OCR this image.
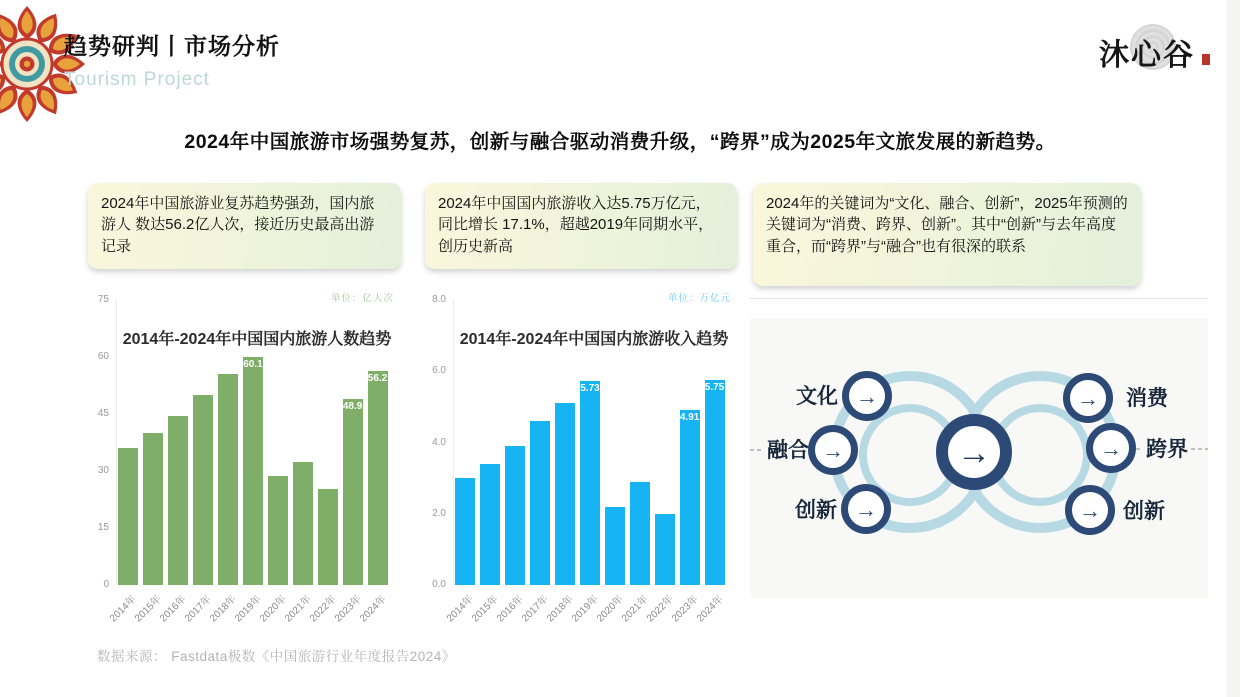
趋势研判丨市场分析
Tourism Project
沐心谷
2024年中国旅游市场强势复苏，创新与融合驱动消费升级，“跨界”成为2025年文旅发展的新趋势。
2024年中国旅游业复苏趋势强劲，国内旅游人 数达56.2亿人次，接近历史最高出游记录
2024年中国国内旅游收入达5.75万亿元，同比增长 17.1%，超越2019年同期水平，创历史新高
2024年的关键词为“文化、融合、创新”，2025年预测的关键词为“消费、跨界、创新”。其中“创新”与去年高度重合，而“跨界”与“融合”也有很深的联系
单位：亿人次
2014年-2024年中国国内旅游人数趋势
0
15
30
45
60
75
60.1
48.9
56.2
2014年
2015年
2016年
2017年
2018年
2019年
2020年
2021年
2022年
2023年
2024年
单位：万亿元
2014年-2024年中国国内旅游收入趋势
0.0
2.0
4.0
6.0
8.0
5.73
4.91
5.75
2014年
2015年
2016年
2017年
2018年
2019年
2020年
2021年
2022年
2023年
2024年
→
→
→
→
→
→
→
文化
融合
创新
消费
跨界
创新
数据来源： Fastdata极数《中国旅游行业年度报告2024》
